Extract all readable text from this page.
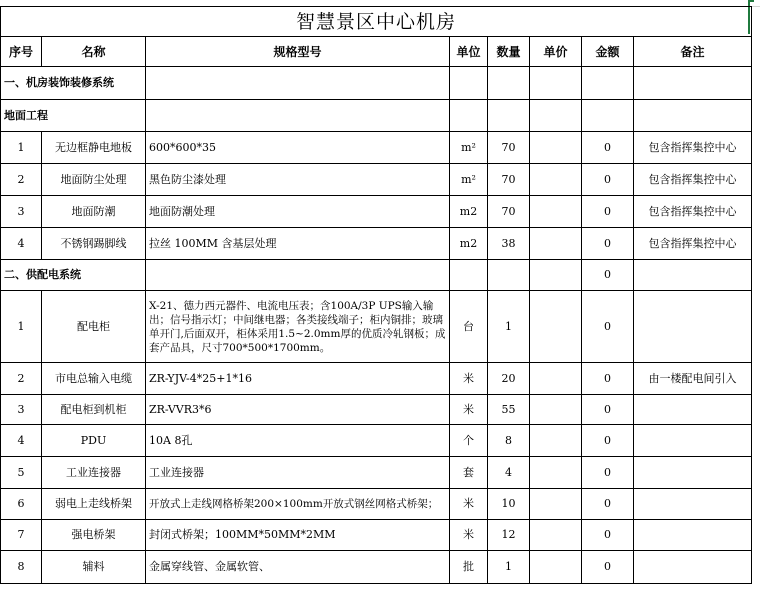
智慧景区中心机房							
序号	名称	规格型号	单位	数量	单价	金额	备注
一、机房装饰装修系统							
地面工程							
1	无边框静电地板	600*600*35	m²	70		0	包含指挥集控中心
2	地面防尘处理	黑色防尘漆处理	m²	70		0	包含指挥集控中心
3	地面防潮	地面防潮处理	m2	70		0	包含指挥集控中心
4	不锈钢踢脚线	拉丝 100MM 含基层处理	m2	38		0	包含指挥集控中心
二、供配电系统						0	
1	配电柜	X-21、德力西元器件、电流电压表；含100A/3P UPS输入输出；信号指示灯；中间继电器；各类接线端子；柜内铜排；玻璃单开门,后面双开，柜体采用1.5~2.0mm厚的优质冷轧钢板；成套产品具，尺寸700*500*1700mm。	台	1		0	
2	市电总输入电缆	ZR-YJV-4*25+1*16	米	20		0	由一楼配电间引入
3	配电柜到机柜	ZR-VVR3*6	米	55		0	
4	PDU	10A 8孔	个	8		0	
5	工业连接器	工业连接器	套	4		0	
6	弱电上走线桥架	开放式上走线网格桥架200×100mm开放式钢丝网格式桥架；	米	10		0	
7	强电桥架	封闭式桥架；100MM*50MM*2MM	米	12		0	
8	辅料	金属穿线管、金属软管、	批	1		0	
